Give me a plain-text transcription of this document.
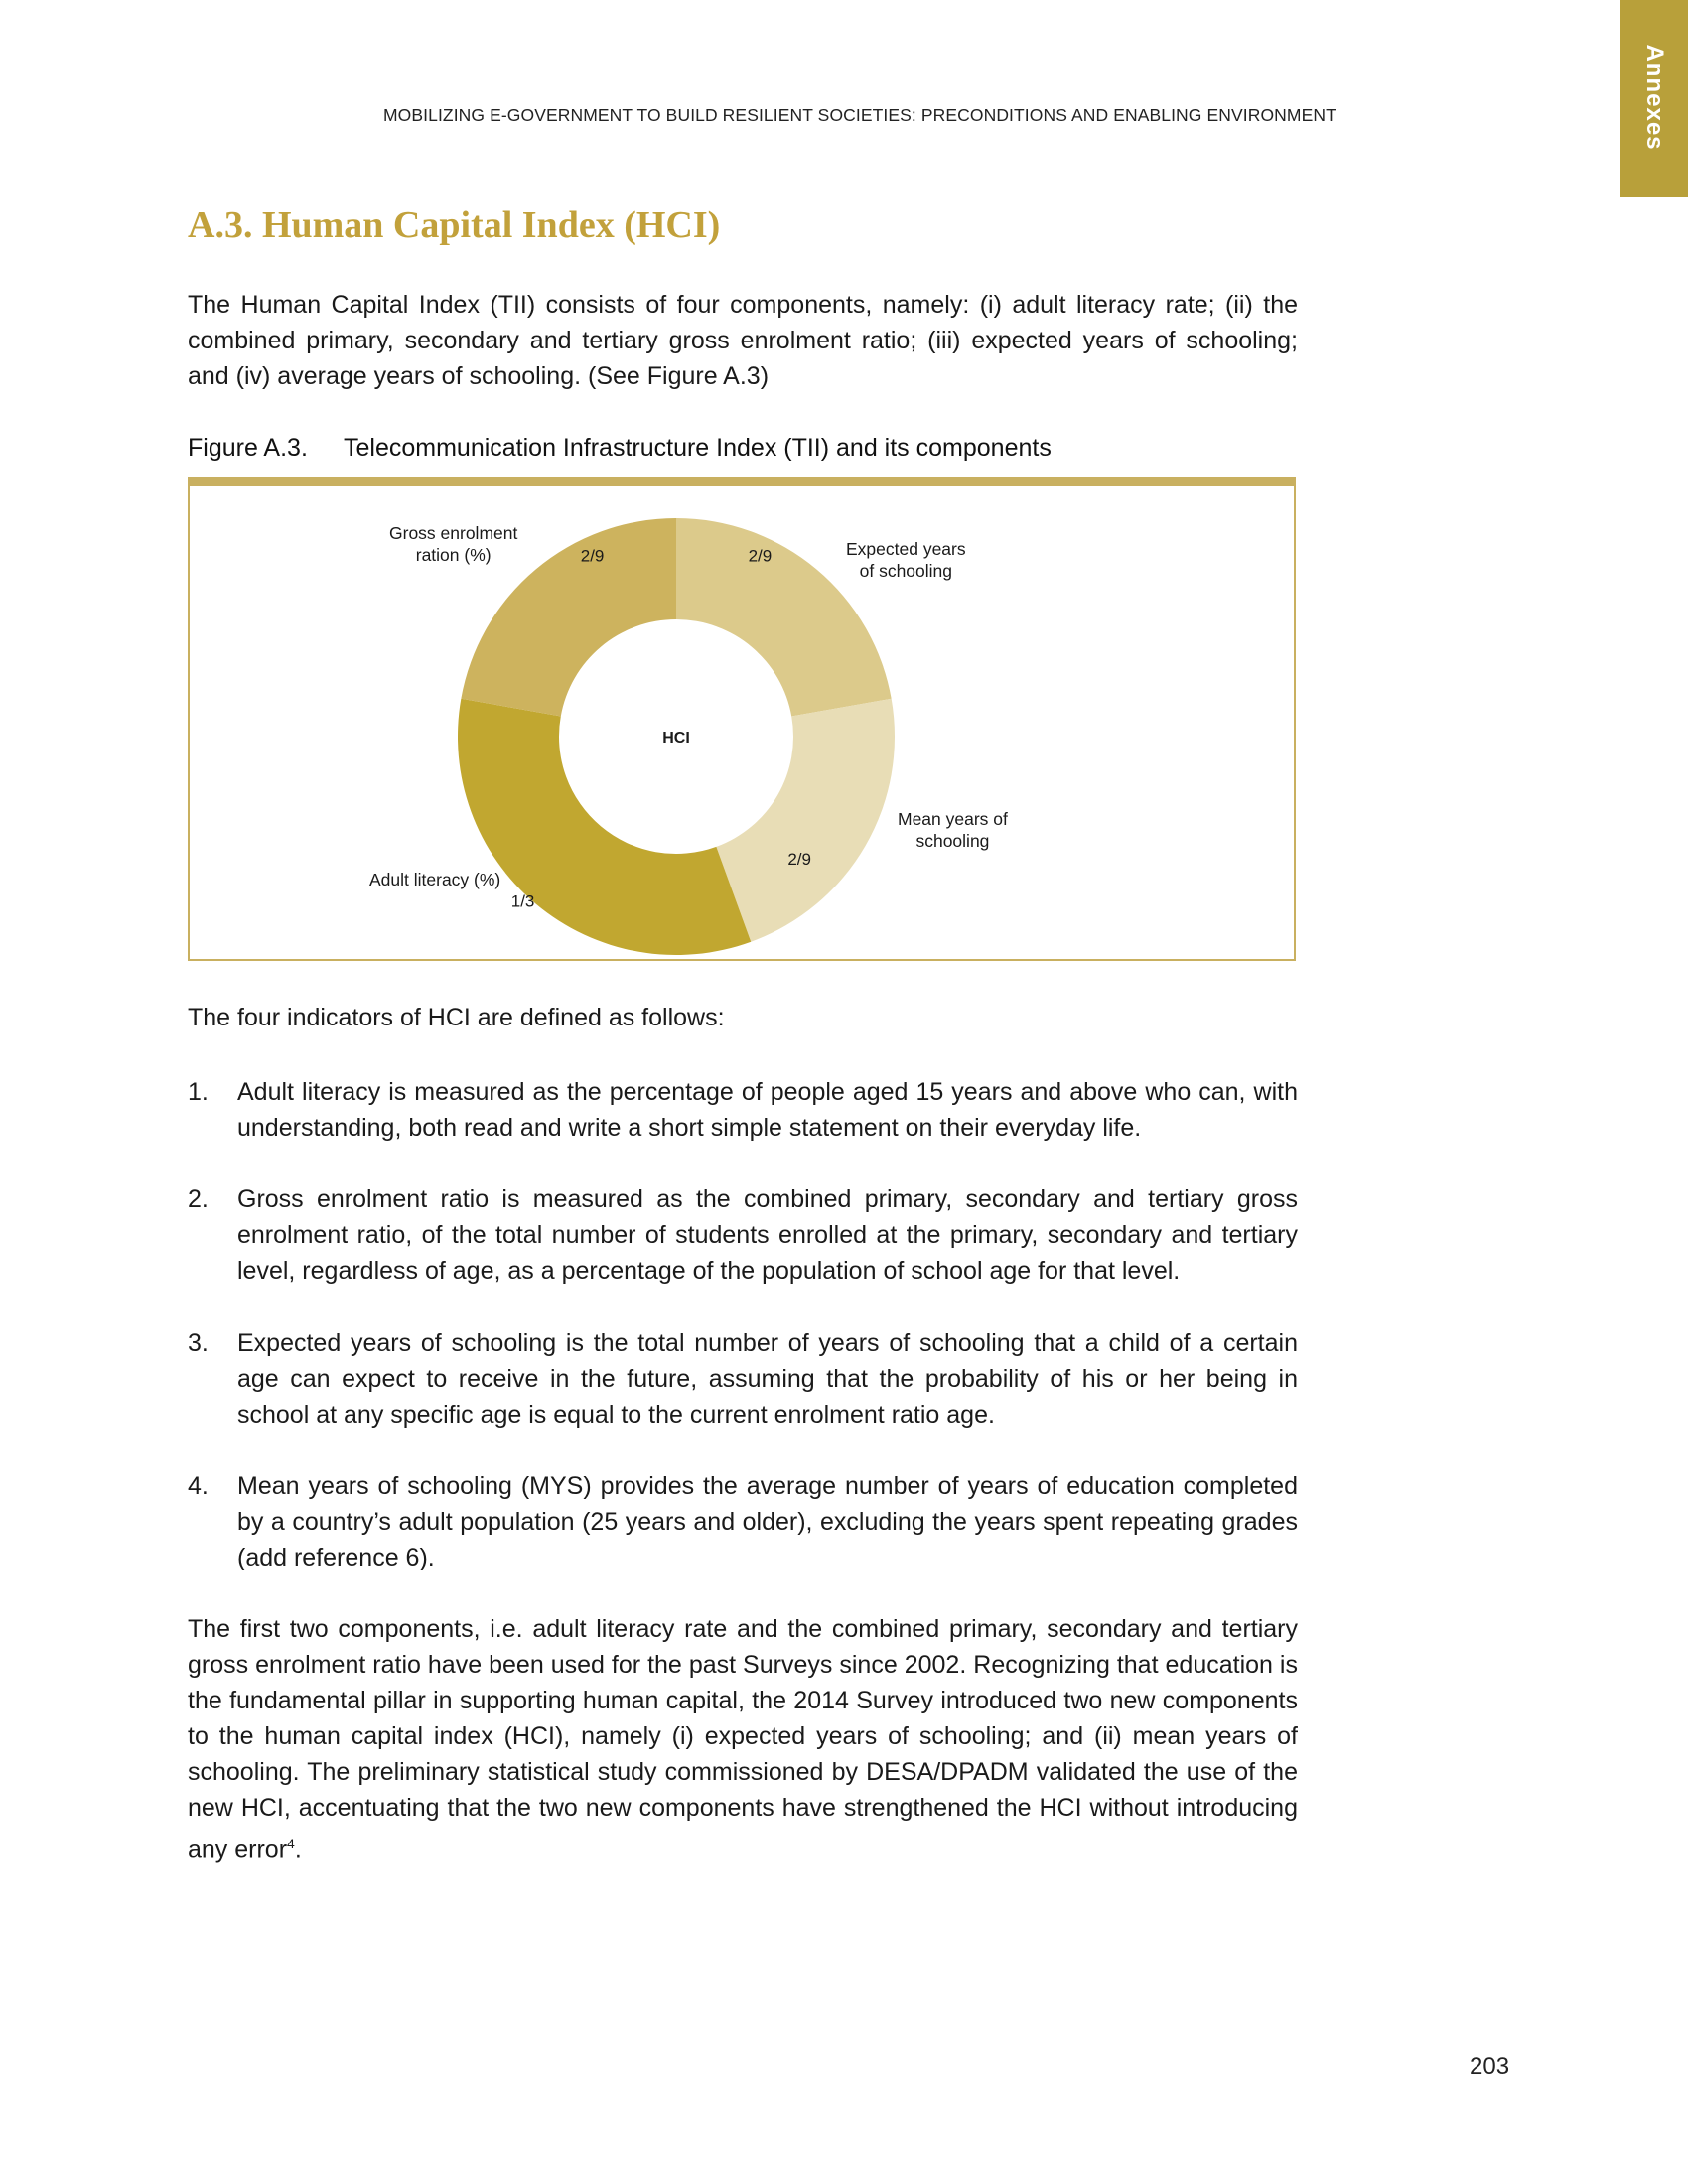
MOBILIZING E-GOVERNMENT TO BUILD RESILIENT SOCIETIES: PRECONDITIONS AND ENABLING ENVIRONMENT	Annexes
A.3. Human Capital Index (HCI)
The Human Capital Index (TII) consists of four components, namely: (i) adult literacy rate; (ii) the combined primary, secondary and tertiary gross enrolment ratio; (iii) expected years of schooling; and (iv) average years of schooling. (See Figure A.3)
Figure A.3. Telecommunication Infrastructure Index (TII) and its components
2/9
2/9
1/3
2/9
HCI
Gross enrolment
ration (%)	Expected years
of schooling
Mean years of
schooling
Adult literacy (%)
The four indicators of HCI are defined as follows:
1. Adult literacy is measured as the percentage of people aged 15 years and above who can, with understanding, both read and write a short simple statement on their everyday life.
2. Gross enrolment ratio is measured as the combined primary, secondary and tertiary gross enrolment ratio, of the total number of students enrolled at the primary, secondary and tertiary level, regardless of age, as a percentage of the population of school age for that level.
3. Expected years of schooling is the total number of years of schooling that a child of a certain age can expect to receive in the future, assuming that the probability of his or her being in school at any specific age is equal to the current enrolment ratio age.
4. Mean years of schooling (MYS) provides the average number of years of education completed by a country’s adult population (25 years and older), excluding the years spent repeating grades (add reference 6).
The first two components, i.e. adult literacy rate and the combined primary, secondary and tertiary gross enrolment ratio have been used for the past Surveys since 2002. Recognizing that education is the fundamental pillar in supporting human capital, the 2014 Survey introduced two new components to the human capital index (HCI), namely (i) expected years of schooling; and (ii) mean years of schooling. The preliminary statistical study commissioned by DESA/DPADM validated the use of the new HCI, accentuating that the two new components have strengthened the HCI without introducing any error$^4$.
203
